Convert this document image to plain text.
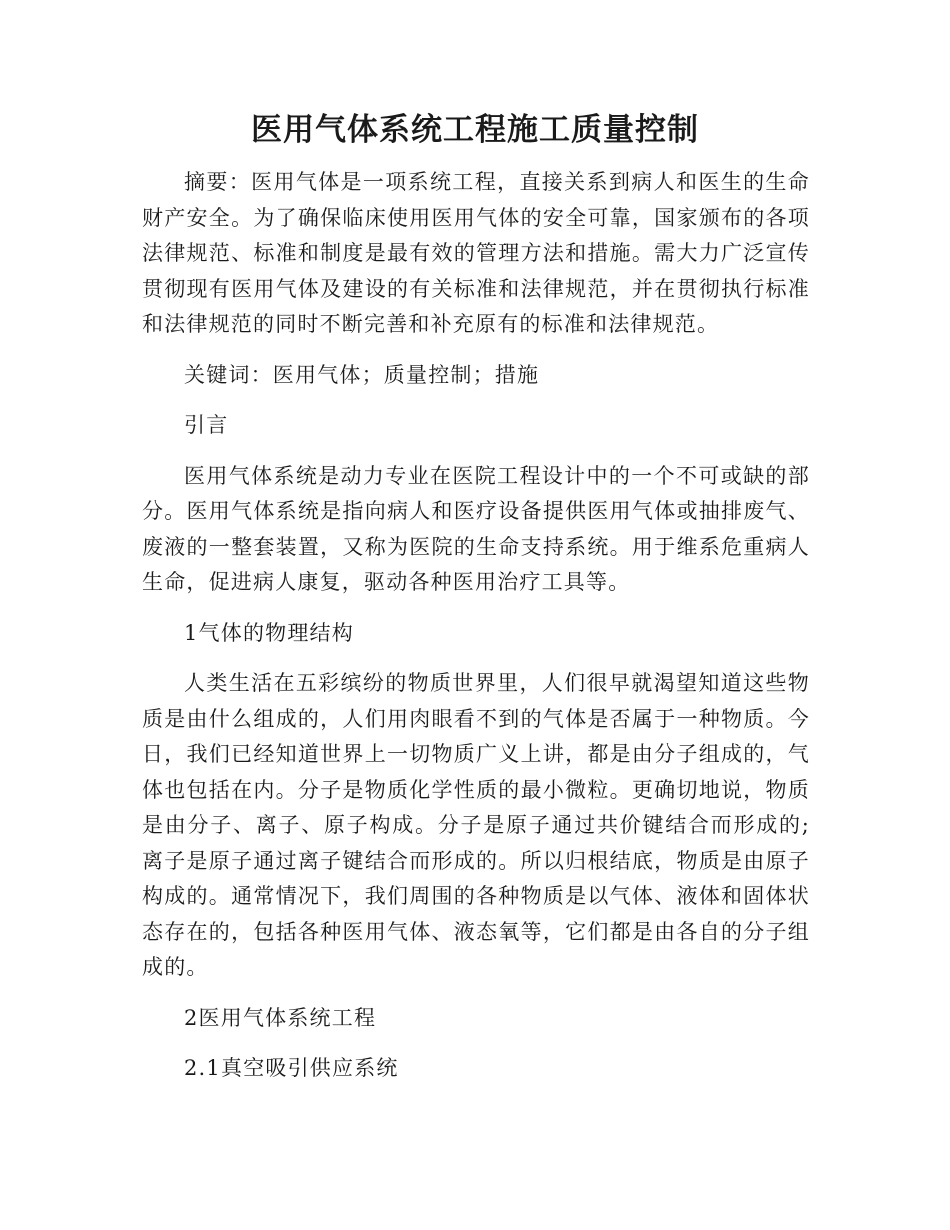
医用气体系统工程施工质量控制

摘要：医用气体是一项系统工程，直接关系到病人和医生的生命财产安全。为了确保临床使用医用气体的安全可靠，国家颁布的各项法律规范、标准和制度是最有效的管理方法和措施。需大力广泛宣传贯彻现有医用气体及建设的有关标准和法律规范，并在贯彻执行标准和法律规范的同时不断完善和补充原有的标准和法律规范。

关键词：医用气体；质量控制；措施

引言

医用气体系统是动力专业在医院工程设计中的一个不可或缺的部分。医用气体系统是指向病人和医疗设备提供医用气体或抽排废气、废液的一整套装置，又称为医院的生命支持系统。用于维系危重病人生命，促进病人康复，驱动各种医用治疗工具等。

1气体的物理结构

人类生活在五彩缤纷的物质世界里，人们很早就渴望知道这些物质是由什么组成的，人们用肉眼看不到的气体是否属于一种物质。今日，我们已经知道世界上一切物质广义上讲，都是由分子组成的，气体也包括在内。分子是物质化学性质的最小微粒。更确切地说，物质是由分子、离子、原子构成。分子是原子通过共价键结合而形成的;离子是原子通过离子键结合而形成的。所以归根结底，物质是由原子构成的。通常情况下，我们周围的各种物质是以气体、液体和固体状态存在的，包括各种医用气体、液态氧等，它们都是由各自的分子组成的。

2医用气体系统工程

2.1真空吸引供应系统
